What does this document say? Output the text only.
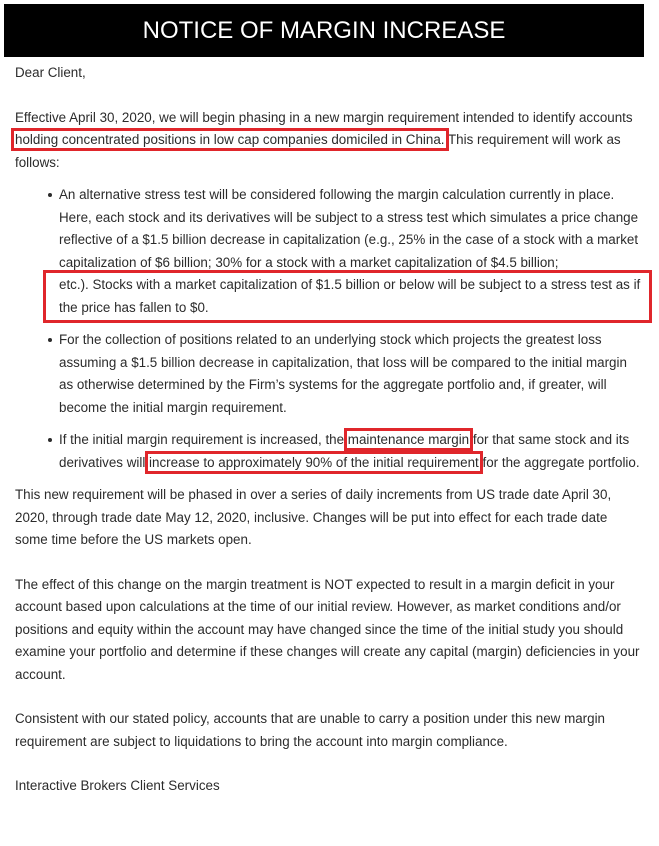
NOTICE OF MARGIN INCREASE

Dear Client,

Effective April 30, 2020, we will begin phasing in a new margin requirement intended to identify accounts holding concentrated positions in low cap companies domiciled in China. This requirement will work as follows:

An alternative stress test will be considered following the margin calculation currently in place. Here, each stock and its derivatives will be subject to a stress test which simulates a price change reflective of a $1.5 billion decrease in capitalization (e.g., 25% in the case of a stock with a market capitalization of $6 billion; 30% for a stock with a market capitalization of $4.5 billion;
etc.). Stocks with a market capitalization of $1.5 billion or below will be subject to a stress test as if the price has fallen to $0.
For the collection of positions related to an underlying stock which projects the greatest loss assuming a $1.5 billion decrease in capitalization, that loss will be compared to the initial margin as otherwise determined by the Firm’s systems for the aggregate portfolio and, if greater, will become the initial margin requirement.
If the initial margin requirement is increased, the maintenance margin for that same stock and its derivatives will increase to approximately 90% of the initial requirement for the aggregate portfolio.

This new requirement will be phased in over a series of daily increments from US trade date April 30, 2020, through trade date May 12, 2020, inclusive. Changes will be put into effect for each trade date some time before the US markets open.

The effect of this change on the margin treatment is NOT expected to result in a margin deficit in your account based upon calculations at the time of our initial review. However, as market conditions and/or positions and equity within the account may have changed since the time of the initial study you should examine your portfolio and determine if these changes will create any capital (margin) deficiencies in your account.

Consistent with our stated policy, accounts that are unable to carry a position under this new margin requirement are subject to liquidations to bring the account into margin compliance.

Interactive Brokers Client Services
